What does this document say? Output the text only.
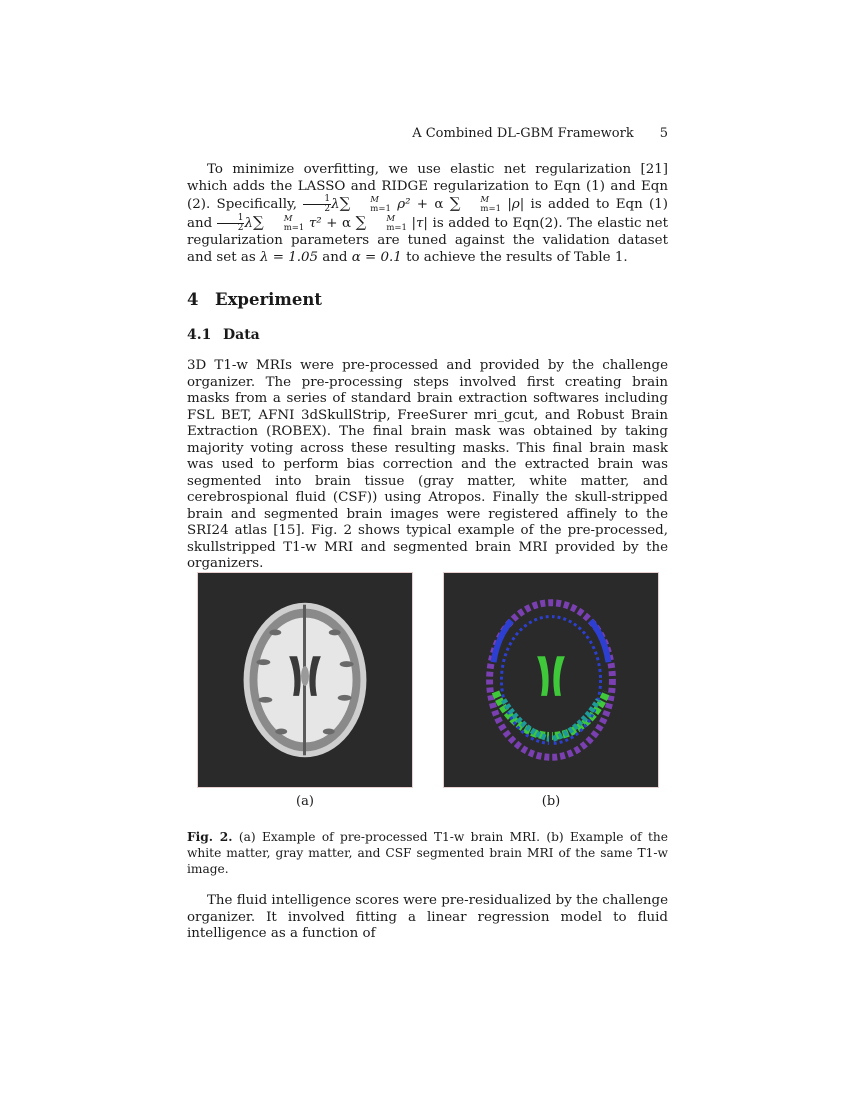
A Combined DL-GBM Framework 5

To minimize overfitting, we use elastic net regularization [21] which adds the LASSO and RIDGE regularization to Eqn (1) and Eqn (2). Specifically, $\frac{1}{2} \lambda\sum$	M
m=1 ρ² + α ∑	M
m=1 |ρ| is added to Eqn (1) and $\frac{1}{2} \lambda\sum$	M
m=1 τ² + α ∑	M
m=1 |τ| is added to Eqn(2). The elastic net regularization parameters are tuned against the validation dataset and set as λ = 1.05 and α = 0.1 to achieve the results of Table 1.

4 Experiment
4.1 Data

3D T1-w MRIs were pre-processed and provided by the challenge organizer. The pre-processing steps involved first creating brain masks from a series of standard brain extraction softwares including FSL BET, AFNI 3dSkullStrip, FreeSurer mri_gcut, and Robust Brain Extraction (ROBEX). The final brain mask was obtained by taking majority voting across these resulting masks. This final brain mask was used to perform bias correction and the extracted brain was segmented into brain tissue (gray matter, white matter, and cerebrospional fluid (CSF)) using Atropos. Finally the skull-stripped brain and segmented brain images were registered affinely to the SRI24 atlas [15]. Fig. 2 shows typical example of the pre-processed, skullstripped T1-w MRI and segmented brain MRI provided by the organizers.

(a)	(b)

Fig. 2. (a) Example of pre-processed T1-w brain MRI. (b) Example of the white matter, gray matter, and CSF segmented brain MRI of the same T1-w image.

The fluid intelligence scores were pre-residualized by the challenge organizer. It involved fitting a linear regression model to fluid intelligence as a function of
